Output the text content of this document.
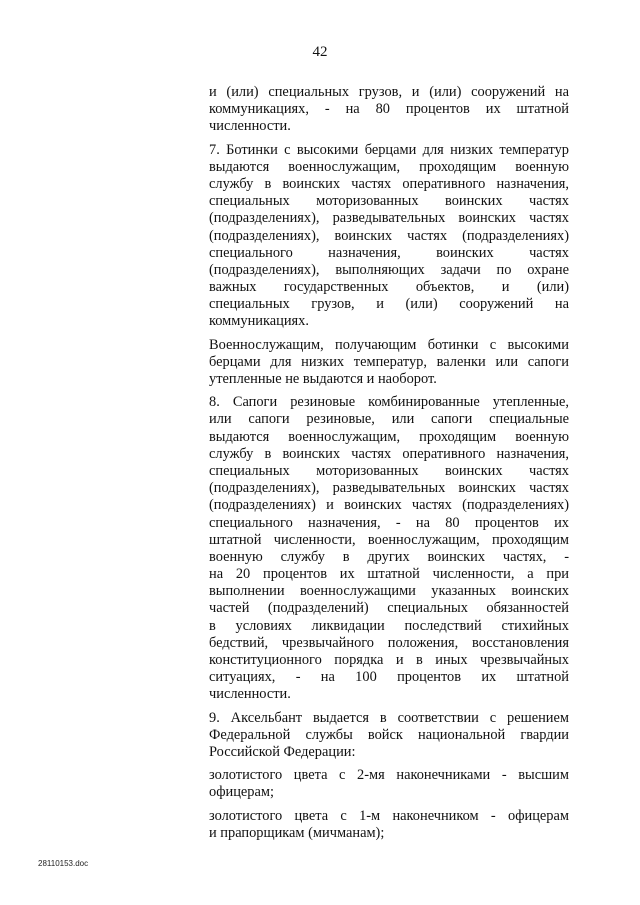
42
и (или) специальных грузов, и (или) сооружений на
коммуникациях, - на 80 процентов их штатной
численности.
7. Ботинки с высокими берцами для низких температур
выдаются военнослужащим, проходящим военную
службу в воинских частях оперативного назначения,
специальных моторизованных воинских частях
(подразделениях), разведывательных воинских частях
(подразделениях), воинских частях (подразделениях)
специального назначения, воинских частях
(подразделениях), выполняющих задачи по охране
важных государственных объектов, и (или)
специальных грузов, и (или) сооружений на
коммуникациях.
Военнослужащим, получающим ботинки с высокими
берцами для низких температур, валенки или сапоги
утепленные не выдаются и наоборот.
8. Сапоги резиновые комбинированные утепленные,
или сапоги резиновые, или сапоги специальные
выдаются военнослужащим, проходящим военную
службу в воинских частях оперативного назначения,
специальных моторизованных воинских частях
(подразделениях), разведывательных воинских частях
(подразделениях) и воинских частях (подразделениях)
специального назначения, - на 80 процентов их
штатной численности, военнослужащим, проходящим
военную службу в других воинских частях, -
на 20 процентов их штатной численности, а при
выполнении военнослужащими указанных воинских
частей (подразделений) специальных обязанностей
в условиях ликвидации последствий стихийных
бедствий, чрезвычайного положения, восстановления
конституционного порядка и в иных чрезвычайных
ситуациях, - на 100 процентов их штатной
численности.
9. Аксельбант выдается в соответствии с решением
Федеральной службы войск национальной гвардии
Российской Федерации:
золотистого цвета с 2-мя наконечниками - высшим
офицерам;
золотистого цвета с 1-м наконечником - офицерам
и прапорщикам (мичманам);
28110153.doc
